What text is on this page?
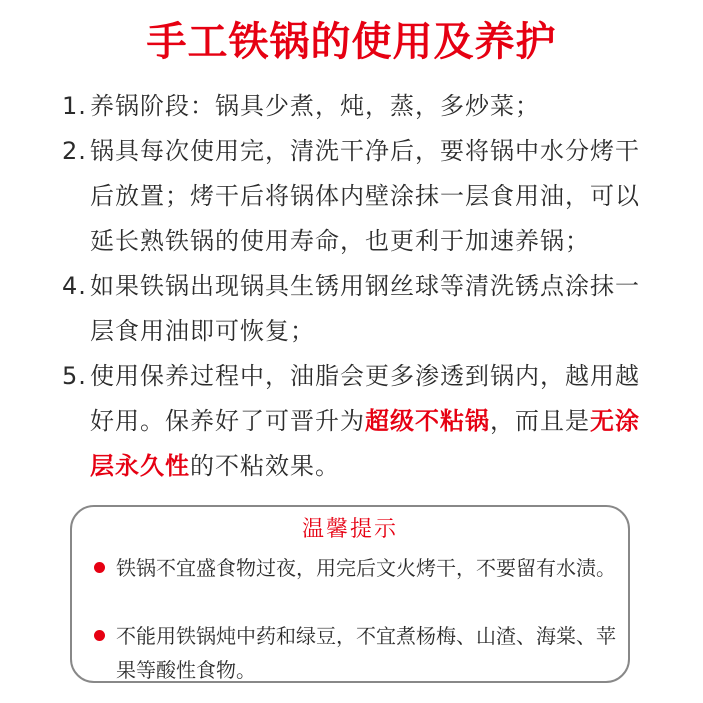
手工铁锅的使用及养护
1. 养锅阶段：锅具少煮，炖，蒸，多炒菜；
2. 锅具每次使用完，清洗干净后，要将锅中水分烤干后放置；烤干后将锅体内壁涂抹一层食用油，可以延长熟铁锅的使用寿命，也更利于加速养锅；
4. 如果铁锅出现锅具生锈用钢丝球等清洗锈点涂抹一层食用油即可恢复；
5. 使用保养过程中，油脂会更多渗透到锅内，越用越好用。保养好了可晋升为超级不粘锅，而且是无涂层永久性的不粘效果。
温馨提示
铁锅不宜盛食物过夜，用完后文火烤干，不要留有水渍。
不能用铁锅炖中药和绿豆，不宜煮杨梅、山渣、海棠、苹果等酸性食物。
